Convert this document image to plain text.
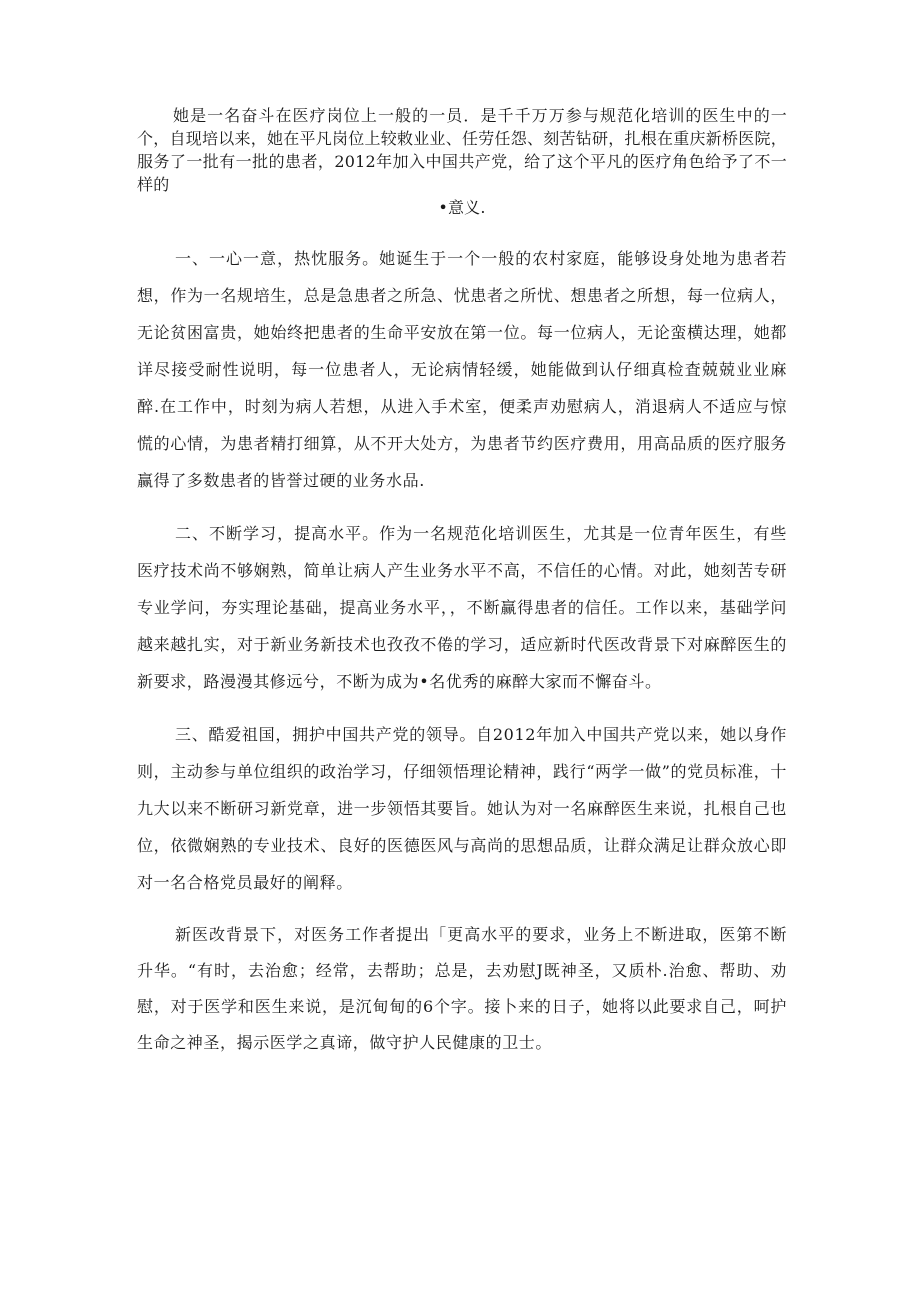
她是一名奋斗在医疗岗位上一般的一员．是千千万万参与规范化培训的医生中的一个，自现培以来，她在平凡岗位上较敕业业、任劳任怨、刻苦钻研，扎根在重庆新桥医院，服务了一批有一批的患者，2012年加入中国共产党，给了这个平凡的医疗角色给予了不一样的

•意义.

一、一心一意，热忱服务。她诞生于一个一般的农村家庭，能够设身处地为患者若想，作为一名规培生，总是急患者之所急、忧患者之所忧、想患者之所想，每一位病人，无论贫困富贵，她始终把患者的生命平安放在第一位。每一位病人，无论蛮横达理，她都详尽接受耐性说明，每一位患者人，无论病情轻缓，她能做到认仔细真检査兢兢业业麻醉.在工作中，时刻为病人若想，从进入手术室，便柔声劝慰病人，消退病人不适应与惊慌的心情，为患者精打细算，从不开大处方，为患者节约医疗费用，用高品质的医疗服务赢得了多数患者的皆誉过硬的业务水品.

二、不断学习，提高水平。作为一名规范化培训医生，尤其是一位青年医生，有些医疗技术尚不够娴熟，简单让病人产生业务水平不高，不信任的心情。对此，她刻苦专研专业学问，夯实理论基础，提高业务水平，，不断赢得患者的信任。工作以来，基础学问越来越扎实，对于新业务新技术也孜孜不倦的学习，适应新时代医改背景下对麻醉医生的新要求，路漫漫其修远兮，不断为成为•名优秀的麻醉大家而不懈奋斗。

三、酷爱祖国，拥护中国共产党的领导。自2012年加入中国共产党以来，她以身作则，主动参与单位组织的政治学习，仔细领悟理论精神，践行“两学一做”的党员标准，十九大以来不断研习新党章，进一步领悟其要旨。她认为对一名麻醉医生来说，扎根自己也位，依微娴熟的专业技术、良好的医德医风与高尚的思想品质，让群众满足让群众放心即对一名合格党员最好的阐释。

新医改背景下，对医务工作者提出「更高水平的要求，业务上不断进取，医第不断升华。“有时，去治愈；经常，去帮助；总是，去劝慰J既神圣，又质朴.治愈、帮助、劝慰，对于医学和医生来说，是沉甸甸的6个字。接卜来的日子，她将以此要求自己，呵护生命之神圣，揭示医学之真谛，做守护人民健康的卫士。
